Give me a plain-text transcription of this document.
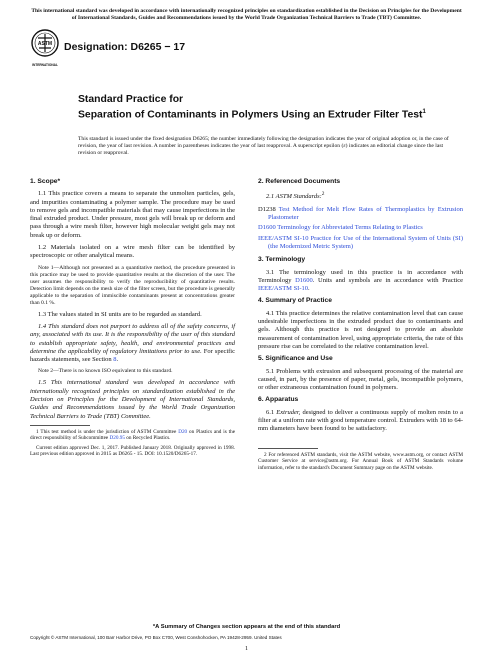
This international standard was developed in accordance with internationally recognized principles on standardization established in the Decision on Principles for the Development of International Standards, Guides and Recommendations issued by the World Trade Organization Technical Barriers to Trade (TBT) Committee.
ASTM
INTERNATIONAL
Designation: D6265 − 17
Standard Practice for
Separation of Contaminants in Polymers Using an Extruder Filter Test$^1$
This standard is issued under the fixed designation D6265; the number immediately following the designation indicates the year of original adoption or, in the case of revision, the year of last revision. A number in parentheses indicates the year of last reapproval. A superscript epsilon (ε) indicates an editorial change since the last revision or reapproval.
1. Scope*

1.1 This practice covers a means to separate the unmolten particles, gels, and impurities contaminating a polymer sample. The procedure may be used to remove gels and incompatible materials that may cause imperfections in the final extruded product. Under pressure, most gels will break up or deform and pass through a wire mesh filter, however high molecular weight gels may not break up or deform.

1.2 Materials isolated on a wire mesh filter can be identified by spectroscopic or other analytical means.

Note 1—Although not presented as a quantitative method, the procedure presented in this practice may be used to provide quantitative results at the discretion of the user. The user assumes the responsibility to verify the reproducibility of quantitative results. Detection limit depends on the mesh size of the filter screen, but the procedure is generally applicable to the separation of immiscible contaminants present at concentrations greater than 0.1 %.

1.3 The values stated in SI units are to be regarded as standard.

1.4 This standard does not purport to address all of the safety concerns, if any, associated with its use. It is the responsibility of the user of this standard to establish appropriate safety, health, and environmental practices and determine the applicability of regulatory limitations prior to use. For specific hazards statements, see Section 8.

Note 2—There is no known ISO equivalent to this standard.

1.5 This international standard was developed in accordance with internationally recognized principles on standardization established in the Decision on Principles for the Development of International Standards, Guides and Recommendations issued by the World Trade Organization Technical Barriers to Trade (TBT) Committee.

1 This test method is under the jurisdiction of ASTM Committee D20 on Plastics and is the direct responsibility of Subcommittee D20.95 on Recycled Plastics.

Current edition approved Dec. 1, 2017. Published January 2018. Originally approved in 1998. Last previous edition approved in 2015 as D6265 - 15. DOI: 10.1520/D6265-17.

2. Referenced Documents

2.1 ASTM Standards:$^2$

D1238 Test Method for Melt Flow Rates of Thermoplastics by Extrusion Plastometer
D1600 Terminology for Abbreviated Terms Relating to Plastics
IEEE/ASTM SI-10 Practice for Use of the International System of Units (SI) (the Modernized Metric System)
3. Terminology

3.1 The terminology used in this practice is in accordance with Terminology D1600. Units and symbols are in accordance with Practice IEEE/ASTM SI-10.

4. Summary of Practice

4.1 This practice determines the relative contamination level that can cause undesirable imperfections in the extruded product due to contaminants and gels. Although this practice is not designed to provide an absolute measurement of contamination level, using appropriate criteria, the rate of this pressure rise can be correlated to the relative contamination level.

5. Significance and Use

5.1 Problems with extrusion and subsequent processing of the material are caused, in part, by the presence of paper, metal, gels, incompatible polymers, or other extraneous contamination found in polymers.

6. Apparatus

6.1 Extruder, designed to deliver a continuous supply of molten resin to a filter at a uniform rate with good temperature control. Extruders with 18 to 64-mm diameters have been found to be satisfactory.

2 For referenced ASTM standards, visit the ASTM website, www.astm.org, or contact ASTM Customer Service at service@astm.org. For Annual Book of ASTM Standards volume information, refer to the standard's Document Summary page on the ASTM website.

*A Summary of Changes section appears at the end of this standard
Copyright © ASTM International, 100 Barr Harbor Drive, PO Box C700, West Conshohocken, PA 19428-2959. United States
1
